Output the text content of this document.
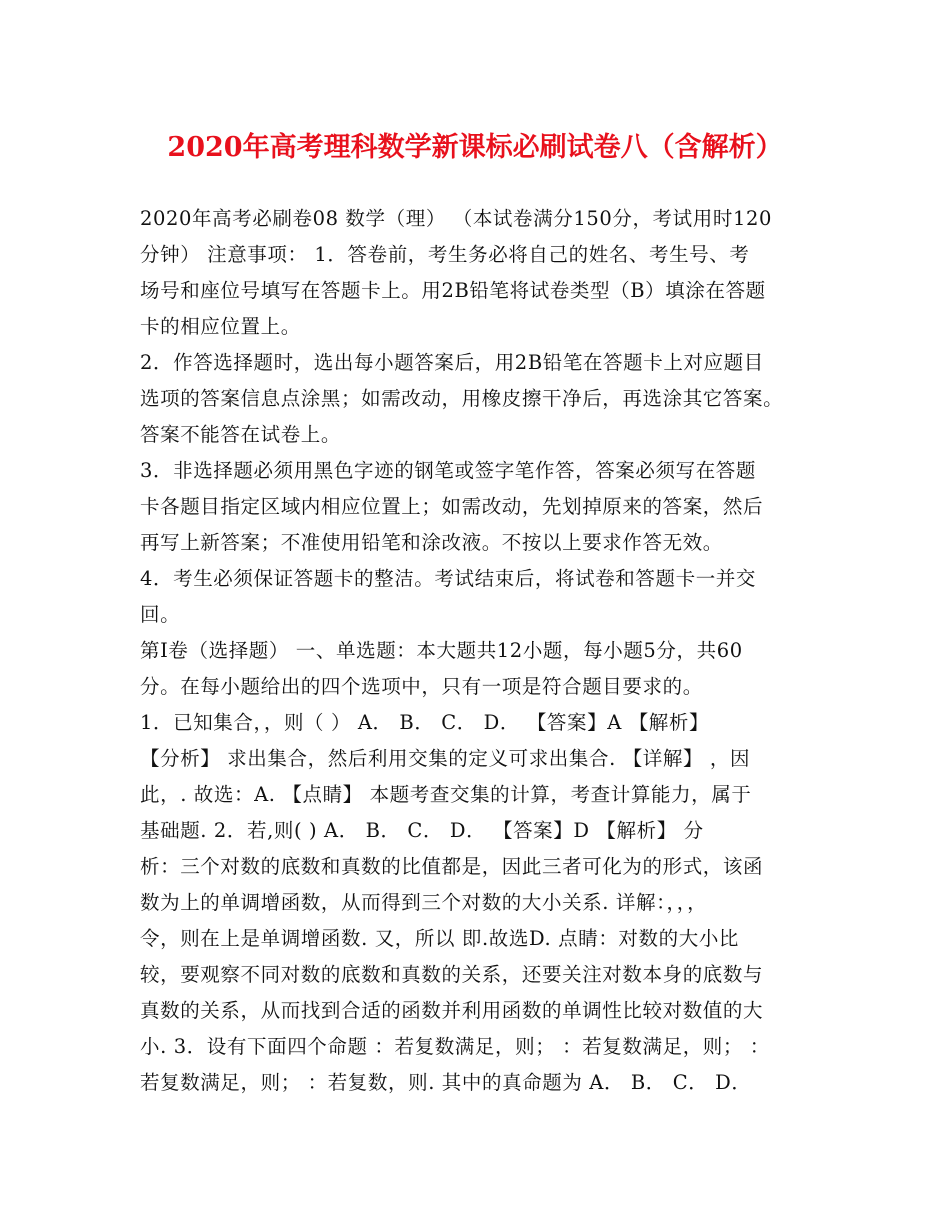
2020年高考理科数学新课标必刷试卷八（含解析）
2020年高考必刷卷08 数学（理） （本试卷满分150分，考试用时120
分钟） 注意事项： 1．答卷前，考生务必将自己的姓名、考生号、考
场号和座位号填写在答题卡上。用2B铅笔将试卷类型（B）填涂在答题
卡的相应位置上。
2．作答选择题时，选出每小题答案后，用2B铅笔在答题卡上对应题目
选项的答案信息点涂黑；如需改动，用橡皮擦干净后，再选涂其它答案。
答案不能答在试卷上。
3．非选择题必须用黑色字迹的钢笔或签字笔作答，答案必须写在答题
卡各题目指定区域内相应位置上；如需改动，先划掉原来的答案，然后
再写上新答案；不准使用铅笔和涂改液。不按以上要求作答无效。
4．考生必须保证答题卡的整洁。考试结束后，将试卷和答题卡一并交
回。
第Ⅰ卷（选择题） 一、单选题：本大题共12小题，每小题5分，共60
分。在每小题给出的四个选项中，只有一项是符合题目要求的。
1．已知集合，，则（ ） A． B． C． D． 【答案】A 【解析】
【分析】 求出集合，然后利用交集的定义可求出集合. 【详解】 ，因
此，. 故选：A. 【点睛】 本题考查交集的计算，考查计算能力，属于
基础题. 2．若,则( ) A． B． C． D． 【答案】D 【解析】 分
析：三个对数的底数和真数的比值都是，因此三者可化为的形式，该函
数为上的单调增函数，从而得到三个对数的大小关系. 详解：，，，
令，则在上是单调增函数. 又，所以 即.故选D. 点睛：对数的大小比
较，要观察不同对数的底数和真数的关系，还要关注对数本身的底数与
真数的关系，从而找到合适的函数并利用函数的单调性比较对数值的大
小. 3．设有下面四个命题 ：若复数满足，则； ：若复数满足，则； ：
若复数满足，则； ：若复数，则. 其中的真命题为 A． B． C． D．
